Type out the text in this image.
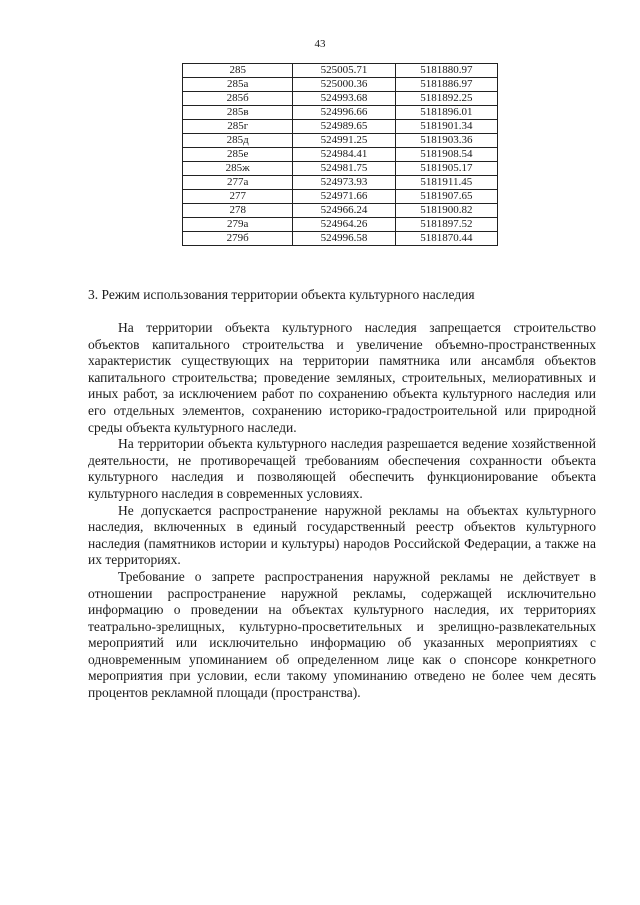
43
285	525005.71	5181880.97
285а	525000.36	5181886.97
285б	524993.68	5181892.25
285в	524996.66	5181896.01
285г	524989.65	5181901.34
285д	524991.25	5181903.36
285е	524984.41	5181908.54
285ж	524981.75	5181905.17
277а	524973.93	5181911.45
277	524971.66	5181907.65
278	524966.24	5181900.82
279а	524964.26	5181897.52
279б	524996.58	5181870.44
3. Режим использования территории объекта культурного наследия

На территории объекта культурного наследия запрещается строительство объектов капитального строительства и увеличение объемно-пространственных характеристик существующих на территории памятника или ансамбля объектов капитального строительства; проведение земляных, строительных, мелиоративных и иных работ, за исключением работ по сохранению объекта культурного наследия или его отдельных элементов, сохранению историко-градостроительной или природной среды объекта культурного наследи.

На территории объекта культурного наследия разрешается ведение хозяйственной деятельности, не противоречащей требованиям обеспечения сохранности объекта культурного наследия и позволяющей обеспечить функционирование объекта культурного наследия в современных условиях.

Не допускается распространение наружной рекламы на объектах культурного наследия, включенных в единый государственный реестр объектов культурного наследия (памятников истории и культуры) народов Российской Федерации, а также на их территориях.

Требование о запрете распространения наружной рекламы не действует в отношении распространение наружной рекламы, содержащей исключительно информацию о проведении на объектах культурного наследия, их территориях театрально-зрелищных, культурно-просветительных и зрелищно-развлекательных мероприятий или исключительно информацию об указанных мероприятиях с одновременным упоминанием об определенном лице как о спонсоре конкретного мероприятия при условии, если такому упоминанию отведено не более чем десять процентов рекламной площади (пространства).
